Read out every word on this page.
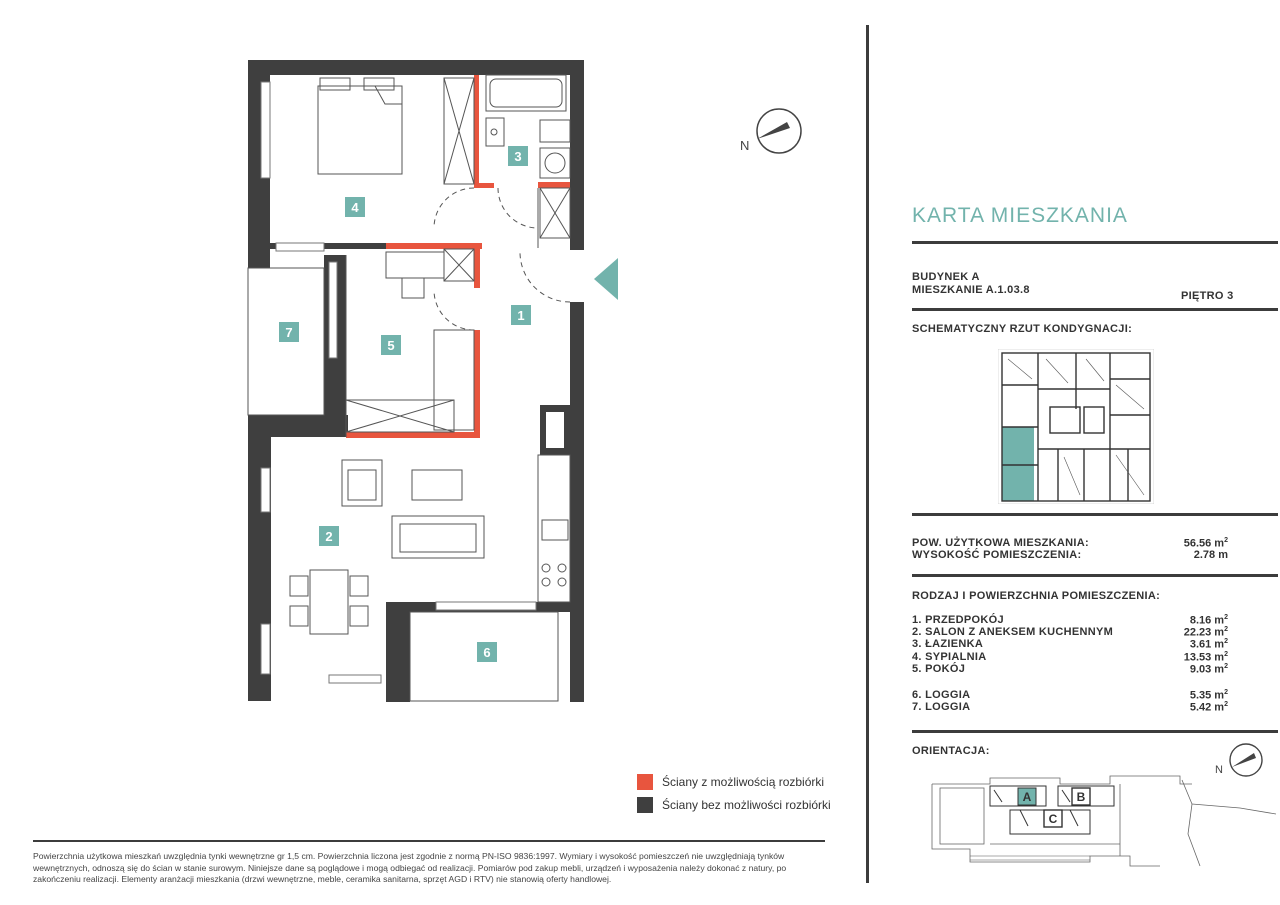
1
2
3
4
5
6
7
N
Ściany z możliwością rozbiórki
Ściany bez możliwości rozbiórki
Powierzchnia użytkowa mieszkań uwzględnia tynki wewnętrzne gr 1,5 cm. Powierzchnia liczona jest zgodnie z normą PN-ISO 9836:1997. Wymiary i wysokość pomieszczeń nie uwzględniają tynków wewnętrznych, odnoszą się do ścian w stanie surowym. Niniejsze dane są poglądowe i mogą odbiegać od realizacji. Pomiarów pod zakup mebli, urządzeń i wyposażenia należy dokonać z natury, po zakończeniu realizacji. Elementy aranżacji mieszkania (drzwi wewnętrzne, meble, ceramika sanitarna, sprzęt AGD i RTV) nie stanowią oferty handlowej.
KARTA MIESZKANIA
BUDYNEK A
MIESZKANIE A.1.03.8	PIĘTRO 3
SCHEMATYCZNY RZUT KONDYGNACJI:
POW. UŻYTKOWA MIESZKANIA:	56.56 $m^2$
WYSOKOŚĆ POMIESZCZENIA:	2.78 m
RODZAJ I POWIERZCHNIA POMIESZCZENIA:
1. PRZEDPOKÓJ	8.16 $m^2$
2. SALON Z ANEKSEM KUCHENNYM	22.23 $m^2$
3. ŁAZIENKA	3.61 $m^2$
4. SYPIALNIA	13.53 $m^2$
5. POKÓJ	9.03 $m^2$
6. LOGGIA	5.35 $m^2$
7. LOGGIA	5.42 $m^2$
ORIENTACJA:
N
A	B
C
